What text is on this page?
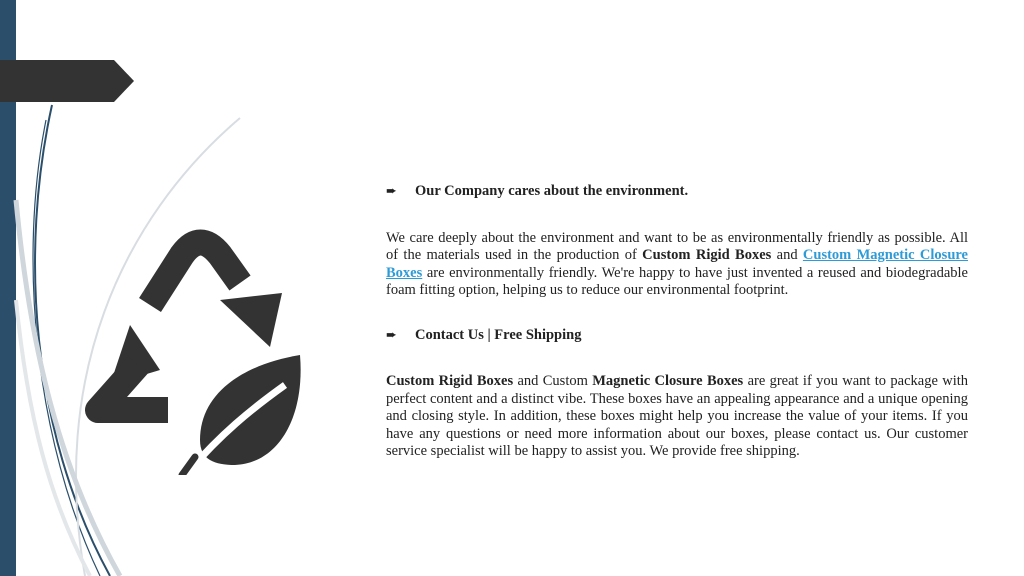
➨	Our Company cares about the environment.

We care deeply about the environment and want to be as environmentally friendly as possible. All of the materials used in the production of Custom Rigid Boxes and Custom Magnetic Closure Boxes are environmentally friendly. We're happy to have just invented a reused and biodegradable foam fitting option, helping us to reduce our environmental footprint.

➨	Contact Us | Free Shipping

Custom Rigid Boxes and Custom Magnetic Closure Boxes are great if you want to package with perfect content and a distinct vibe. These boxes have an appealing appearance and a unique opening and closing style. In addition, these boxes might help you increase the value of your items. If you have any questions or need more information about our boxes, please contact us. Our customer service specialist will be happy to assist you. We provide free shipping.
